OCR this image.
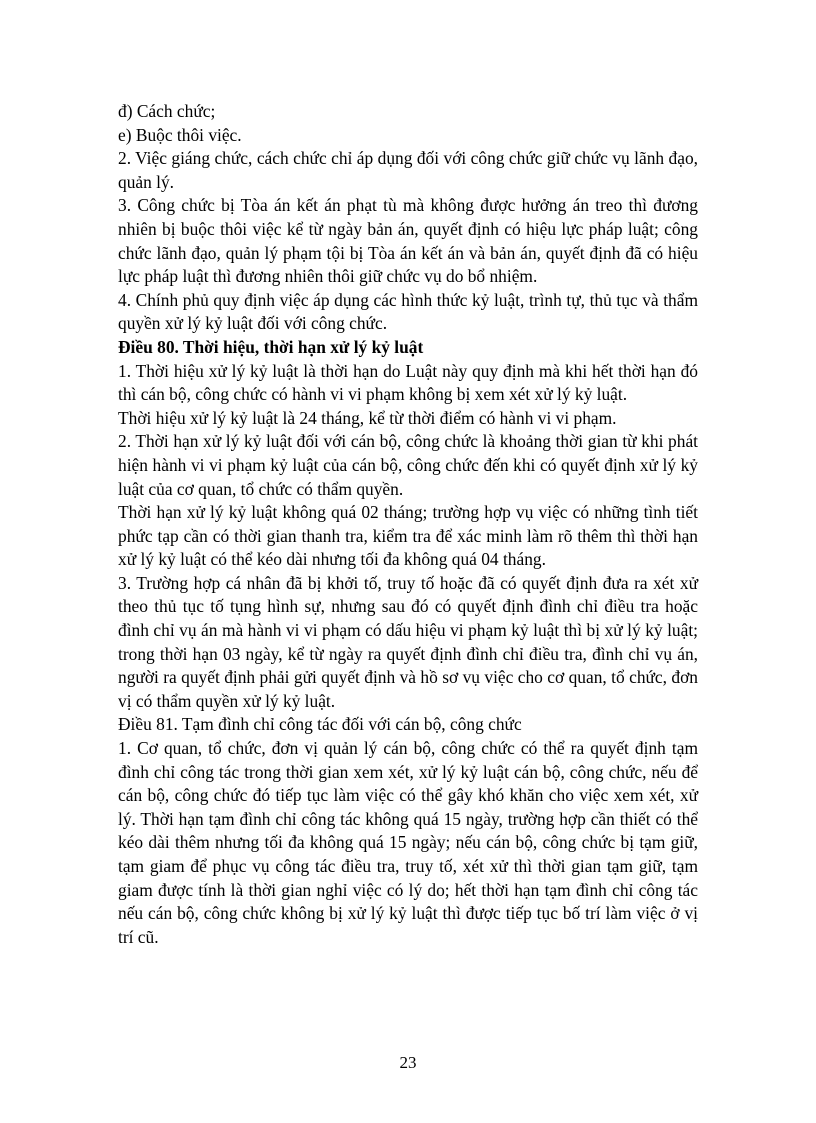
đ) Cách chức;

e) Buộc thôi việc.

2. Việc giáng chức, cách chức chỉ áp dụng đối với công chức giữ chức vụ lãnh đạo, quản lý.

3. Công chức bị Tòa án kết án phạt tù mà không được hưởng án treo thì đương nhiên bị buộc thôi việc kể từ ngày bản án, quyết định có hiệu lực pháp luật; công chức lãnh đạo, quản lý phạm tội bị Tòa án kết án và bản án, quyết định đã có hiệu lực pháp luật thì đương nhiên thôi giữ chức vụ do bổ nhiệm.

4. Chính phủ quy định việc áp dụng các hình thức kỷ luật, trình tự, thủ tục và thẩm quyền xử lý kỷ luật đối với công chức.

Điều 80. Thời hiệu, thời hạn xử lý kỷ luật

1. Thời hiệu xử lý kỷ luật là thời hạn do Luật này quy định mà khi hết thời hạn đó thì cán bộ, công chức có hành vi vi phạm không bị xem xét xử lý kỷ luật.

Thời hiệu xử lý kỷ luật là 24 tháng, kể từ thời điểm có hành vi vi phạm.

2. Thời hạn xử lý kỷ luật đối với cán bộ, công chức là khoảng thời gian từ khi phát hiện hành vi vi phạm kỷ luật của cán bộ, công chức đến khi có quyết định xử lý kỷ luật của cơ quan, tổ chức có thẩm quyền.

Thời hạn xử lý kỷ luật không quá 02 tháng; trường hợp vụ việc có những tình tiết phức tạp cần có thời gian thanh tra, kiểm tra để xác minh làm rõ thêm thì thời hạn xử lý kỷ luật có thể kéo dài nhưng tối đa không quá 04 tháng.

3. Trường hợp cá nhân đã bị khởi tố, truy tố hoặc đã có quyết định đưa ra xét xử theo thủ tục tố tụng hình sự, nhưng sau đó có quyết định đình chỉ điều tra hoặc đình chỉ vụ án mà hành vi vi phạm có dấu hiệu vi phạm kỷ luật thì bị xử lý kỷ luật; trong thời hạn 03 ngày, kể từ ngày ra quyết định đình chỉ điều tra, đình chỉ vụ án, người ra quyết định phải gửi quyết định và hồ sơ vụ việc cho cơ quan, tổ chức, đơn vị có thẩm quyền xử lý kỷ luật.

Điều 81. Tạm đình chỉ công tác đối với cán bộ, công chức

1. Cơ quan, tổ chức, đơn vị quản lý cán bộ, công chức có thể ra quyết định tạm đình chỉ công tác trong thời gian xem xét, xử lý kỷ luật cán bộ, công chức, nếu để cán bộ, công chức đó tiếp tục làm việc có thể gây khó khăn cho việc xem xét, xử lý. Thời hạn tạm đình chỉ công tác không quá 15 ngày, trường hợp cần thiết có thể kéo dài thêm nhưng tối đa không quá 15 ngày; nếu cán bộ, công chức bị tạm giữ, tạm giam để phục vụ công tác điều tra, truy tố, xét xử thì thời gian tạm giữ, tạm giam được tính là thời gian nghỉ việc có lý do; hết thời hạn tạm đình chỉ công tác nếu cán bộ, công chức không bị xử lý kỷ luật thì được tiếp tục bố trí làm việc ở vị trí cũ.

23
